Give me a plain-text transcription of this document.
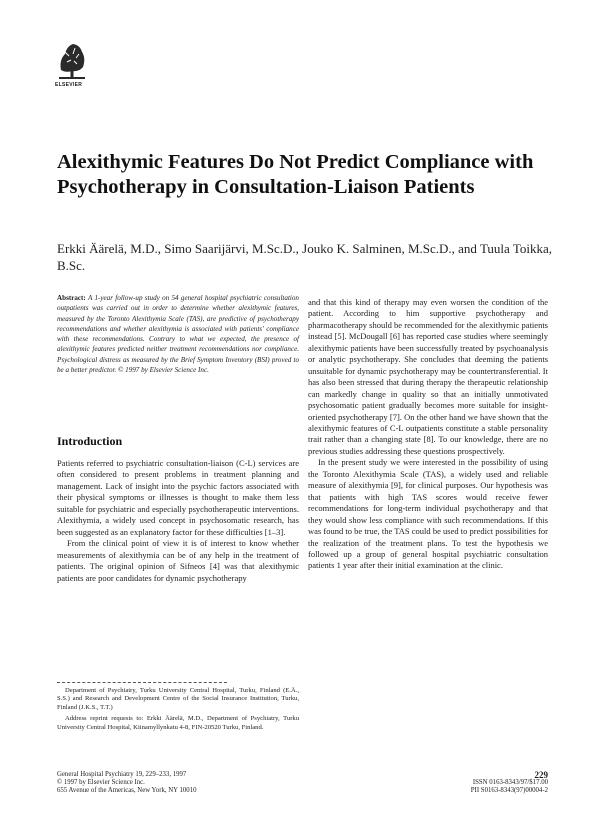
ELSEVIER
Alexithymic Features Do Not Predict Compliance with Psychotherapy in Consultation-Liaison Patients

Erkki Äärelä, M.D., Simo Saarijärvi, M.Sc.D., Jouko K. Salminen, M.Sc.D., and Tuula Toikka, B.Sc.

Abstract: A 1-year follow-up study on 54 general hospital psychiatric consultation outpatients was carried out in order to determine whether alexithymic features, measured by the Toronto Alexithymia Scale (TAS), are predictive of psychotherapy recommendations and whether alexithymia is associated with patients' compliance with these recommendations. Contrary to what we expected, the presence of alexithymic features predicted neither treatment recommendations nor compliance. Psychological distress as measured by the Brief Symptom Inventory (BSI) proved to be a better predictor. © 1997 by Elsevier Science Inc.

Introduction

Patients referred to psychiatric consultation-liaison (C-L) services are often considered to present problems in treatment planning and management. Lack of insight into the psychic factors associated with their physical symptoms or illnesses is thought to make them less suitable for psychiatric and especially psychotherapeutic interventions. Alexithymia, a widely used concept in psychosomatic research, has been suggested as an explanatory factor for these difficulties [1–3].

From the clinical point of view it is of interest to know whether measurements of alexithymia can be of any help in the treatment of patients. The original opinion of Sifneos [4] was that alexithymic patients are poor candidates for dynamic psychotherapy

and that this kind of therapy may even worsen the condition of the patient. According to him supportive psychotherapy and pharmacotherapy should be recommended for the alexithymic patients instead [5]. McDougall [6] has reported case studies where seemingly alexithymic patients have been successfully treated by psychoanalysis or analytic psychotherapy. She concludes that deeming the patients unsuitable for dynamic psychotherapy may be countertransferential. It has also been stressed that during therapy the therapeutic relationship can markedly change in quality so that an initially unmotivated psychosomatic patient gradually becomes more suitable for insight-oriented psychotherapy [7]. On the other hand we have shown that the alexithymic features of C-L outpatients constitute a stable personality trait rather than a changing state [8]. To our knowledge, there are no previous studies addressing these questions prospectively.

In the present study we were interested in the possibility of using the Toronto Alexithymia Scale (TAS), a widely used and reliable measure of alexithymia [9], for clinical purposes. Our hypothesis was that patients with high TAS scores would receive fewer recommendations for long-term individual psychotherapy and that they would show less compliance with such recommendations. If this was found to be true, the TAS could be used to predict possibilities for the realization of the treatment plans. To test the hypothesis we followed up a group of general hospital psychiatric consultation patients 1 year after their initial examination at the clinic.

Department of Psychiatry, Turku University Central Hospital, Turku, Finland (E.Ä., S.S.) and Research and Development Centre of the Social Insurance Institution, Turku, Finland (J.K.S., T.T.)

Address reprint requests to: Erkki Äärelä, M.D., Department of Psychiatry, Turku University Central Hospital, Kiinamyllynkatu 4-8, FIN-20520 Turku, Finland.

General Hospital Psychiatry 19, 229–233, 1997
© 1997 by Elsevier Science Inc.
655 Avenue of the Americas, New York, NY 10010
229
ISSN 0163-8343/97/$17.00
PII S0163-8343(97)00004-2
